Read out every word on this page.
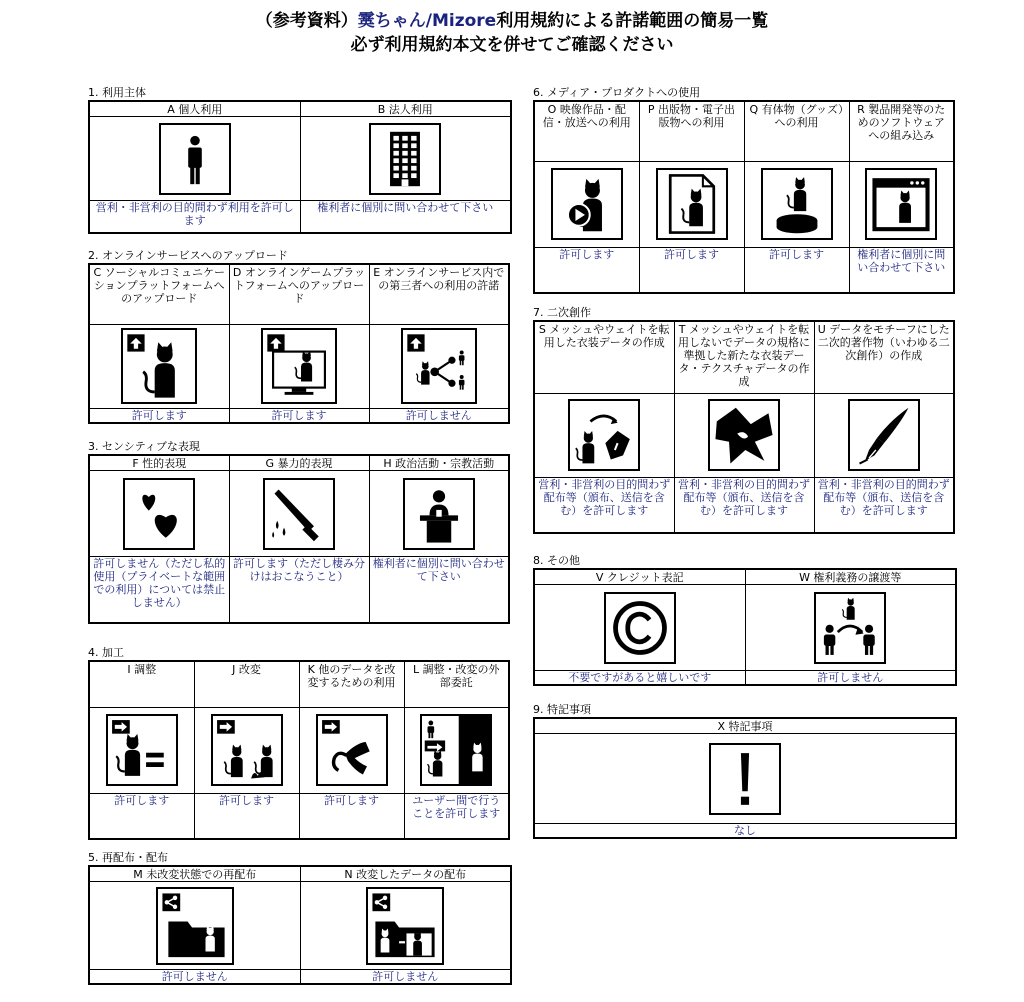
（参考資料）霙ちゃん/Mizore利用規約による許諾範囲の簡易一覧
必ず利用規約本文を併せてご確認ください
1. 利用主体
A 個人利用	B 法人利用

営利・非営利の目的問わず利用を許可します	権利者に個別に問い合わせて下さい
2. オンラインサービスへのアップロード
C ソーシャルコミュニケーションプラットフォームへのアップロード	D オンラインゲームプラットフォームへのアップロード	E オンラインサービス内での第三者への利用の許諾

許可します	許可します	許可しません
3. センシティブな表現
F 性的表現	G 暴力的表現	H 政治活動・宗教活動

許可しません（ただし私的使用（プライベートな範囲での利用）については禁止しません）	許可します（ただし棲み分けはおこなうこと）	権利者に個別に問い合わせて下さい
4. 加工
I 調整	J 改変	K 他のデータを改変するための利用	L 調整・改変の外部委託

許可します	許可します	許可します	ユーザー間で行うことを許可します
5. 再配布・配布
M 未改変状態での再配布	N 改変したデータの配布

許可しません	許可しません
6. メディア・プロダクトへの使用
O 映像作品・配信・放送への利用	P 出版物・電子出版物への利用	Q 有体物（グッズ）への利用	R 製品開発等のためのソフトウェアへの組み込み

許可します	許可します	許可します	権利者に個別に問い合わせて下さい
7. 二次創作
S メッシュやウェイトを転用した衣装データの作成	T メッシュやウェイトを転用しないでデータの規格に準拠した新たな衣装データ・テクスチャデータの作成	U データをモチーフにした二次的著作物（いわゆる二次創作）の作成

営利・非営利の目的問わず配布等（頒布、送信を含む）を許可します	営利・非営利の目的問わず配布等（頒布、送信を含む）を許可します	営利・非営利の目的問わず配布等（頒布、送信を含む）を許可します
8. その他
V クレジット表記	W 権利義務の譲渡等

不要ですがあると嬉しいです	許可しません
9. 特記事項
X 特記事項

なし
